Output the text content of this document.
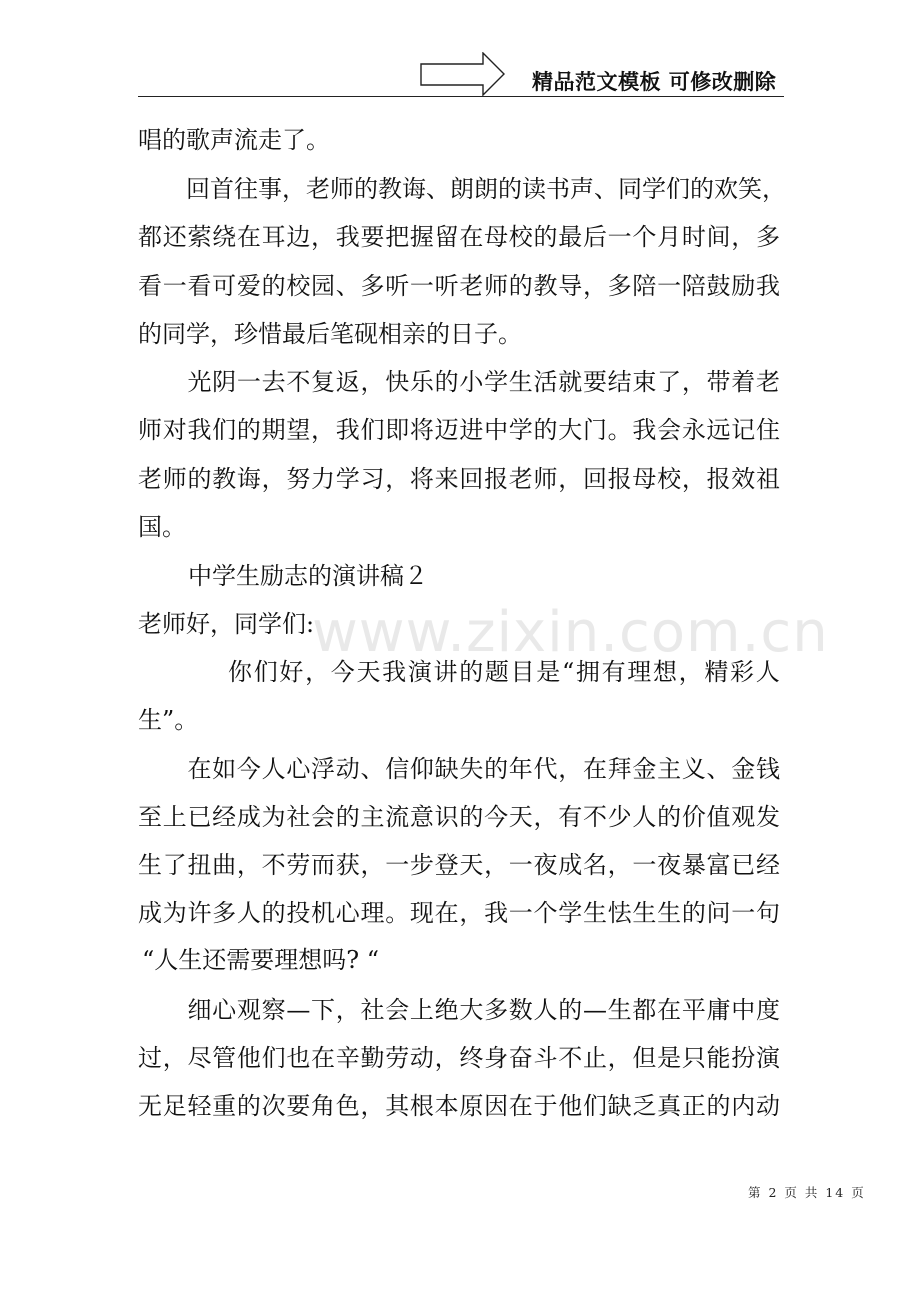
精品范文模板 可修改删除
www.zixin.com.cn
唱的歌声流走了。
回 首 往 事 ， 老 师 的 教 诲 、 朗 朗 的 读 书 声 、 同 学 们 的 欢 笑 ，
都 还 萦 绕 在 耳 边 ， 我 要 把 握 留 在 母 校 的 最 后 一 个 月 时 间 ， 多
看 一 看 可 爱 的 校 园 、 多 听 一 听 老 师 的 教 导 ， 多 陪 一 陪 鼓 励 我
的同学，珍惜最后笔砚相亲的日子。
光 阴 一 去 不 复 返 ， 快 乐 的 小 学 生 活 就 要 结 束 了 ， 带 着 老
师 对 我 们 的 期 望 ， 我 们 即 将 迈 进 中 学 的 大 门 。 我 会 永 远 记 住
老 师 的 教 诲 ， 努 力 学 习 ， 将 来 回 报 老 师 ， 回 报 母 校 ， 报 效 祖
国。
中学生励志的演讲稿２
老师好，同学们:
你 们 好 ， 今 天 我 演 讲 的 题 目 是 “ 拥 有 理 想 ， 精 彩 人
生”。
在 如 今 人 心 浮 动 、 信 仰 缺 失 的 年 代 ， 在 拜 金 主 义 、 金 钱
至 上 已 经 成 为 社 会 的 主 流 意 识 的 今 天 ， 有 不 少 人 的 价 值 观 发
生 了 扭 曲 ， 不 劳 而 获 ， 一 步 登 天 ， 一 夜 成 名 ， 一 夜 暴 富 已 经
成 为 许 多 人 的 投 机 心 理 。 现 在 ， 我 一 个 学 生 怯 生 生 的 问 一 句
“人生还需要理想吗? “
细 心 观 察 — 下 ， 社 会 上 绝 大 多 数 人 的 — 生 都 在 平 庸 中 度
过 ， 尽 管 他 们 也 在 辛 勤 劳 动 ， 终 身 奋 斗 不 止 ， 但 是 只 能 扮 演
无 足 轻 重 的 次 要 角 色 ， 其 根 本 原 因 在 于 他 们 缺 乏 真 正 的 内 动
第 2 页 共 14 页
